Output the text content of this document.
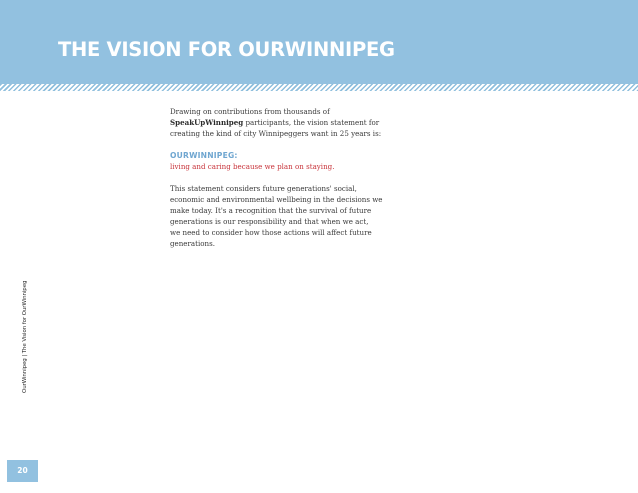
THE VISION FOR OURWINNIPEG
OurWinnipeg | The Vision for OurWinnipeg
20

Drawing on contributions from thousands of
SpeakUpWinnipeg participants, the vision statement for
creating the kind of city Winnipeggers want in 25 years is:

OURWINNIPEG:

living and caring because we plan on staying.

This statement considers future generations' social,
economic and environmental wellbeing in the decisions we
make today. It's a recognition that the survival of future
generations is our responsibility and that when we act,
we need to consider how those actions will affect future
generations.
